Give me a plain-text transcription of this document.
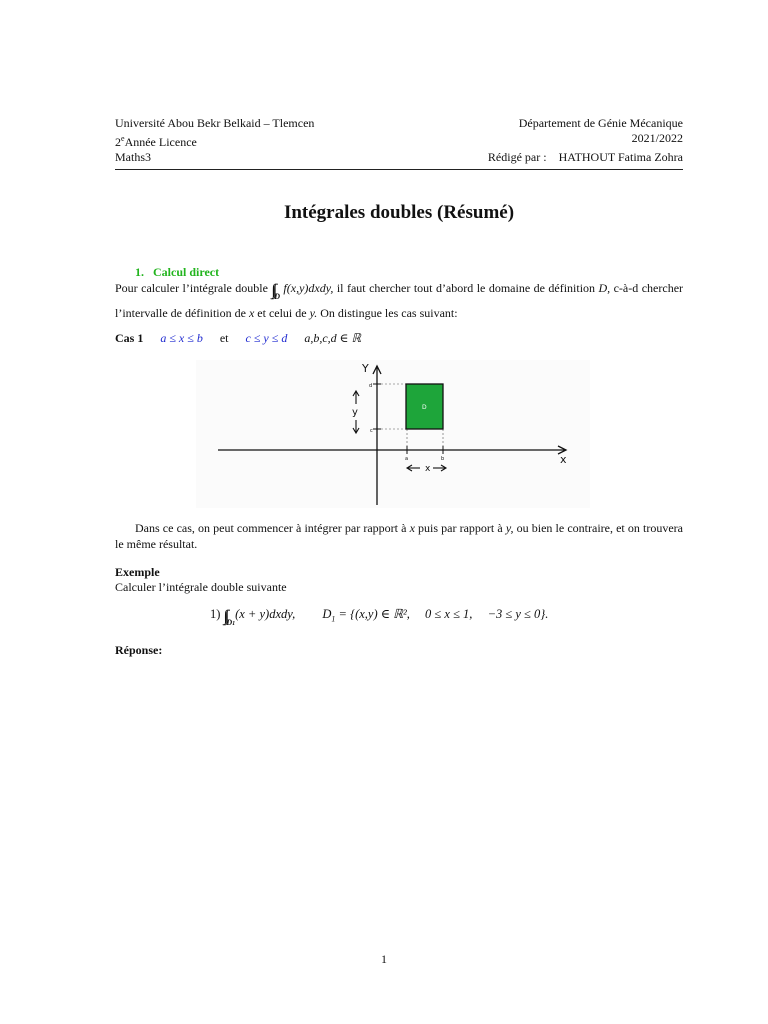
Université Abou Bekr Belkaid – Tlemcen	Département de Génie Mécanique
2eAnnée Licence	2021/2022
Maths3	Rédigé par : HATHOUT Fatima Zohra
Intégrales doubles (Résumé)
1. Calcul direct
Pour calculer l’intégrale double $\int\int_D$ f(x,y)dxdy, il faut chercher tout d’abord le domaine de définition D, c-à-d chercher l’intervalle de définition de x et celui de y. On distingue les cas suivant:
Cas 1 a ≤ x ≤ b et c ≤ y ≤ d a,b,c,d ∈ ℝ
x
Y
d
c
a	b
D
y
x
Dans ce cas, on peut commencer à intégrer par rapport à x puis par rapport à y, ou bien le contraire, et on trouvera le même résultat.
Exemple
Calculer l’intégrale double suivante
1) $\int\int_{D1}(x$ + y)dxdy, $D_1 = \{(x,y)$ ∈ ℝ², 0 ≤ x ≤ 1, −3 ≤ y ≤ 0}.
Réponse:
1
